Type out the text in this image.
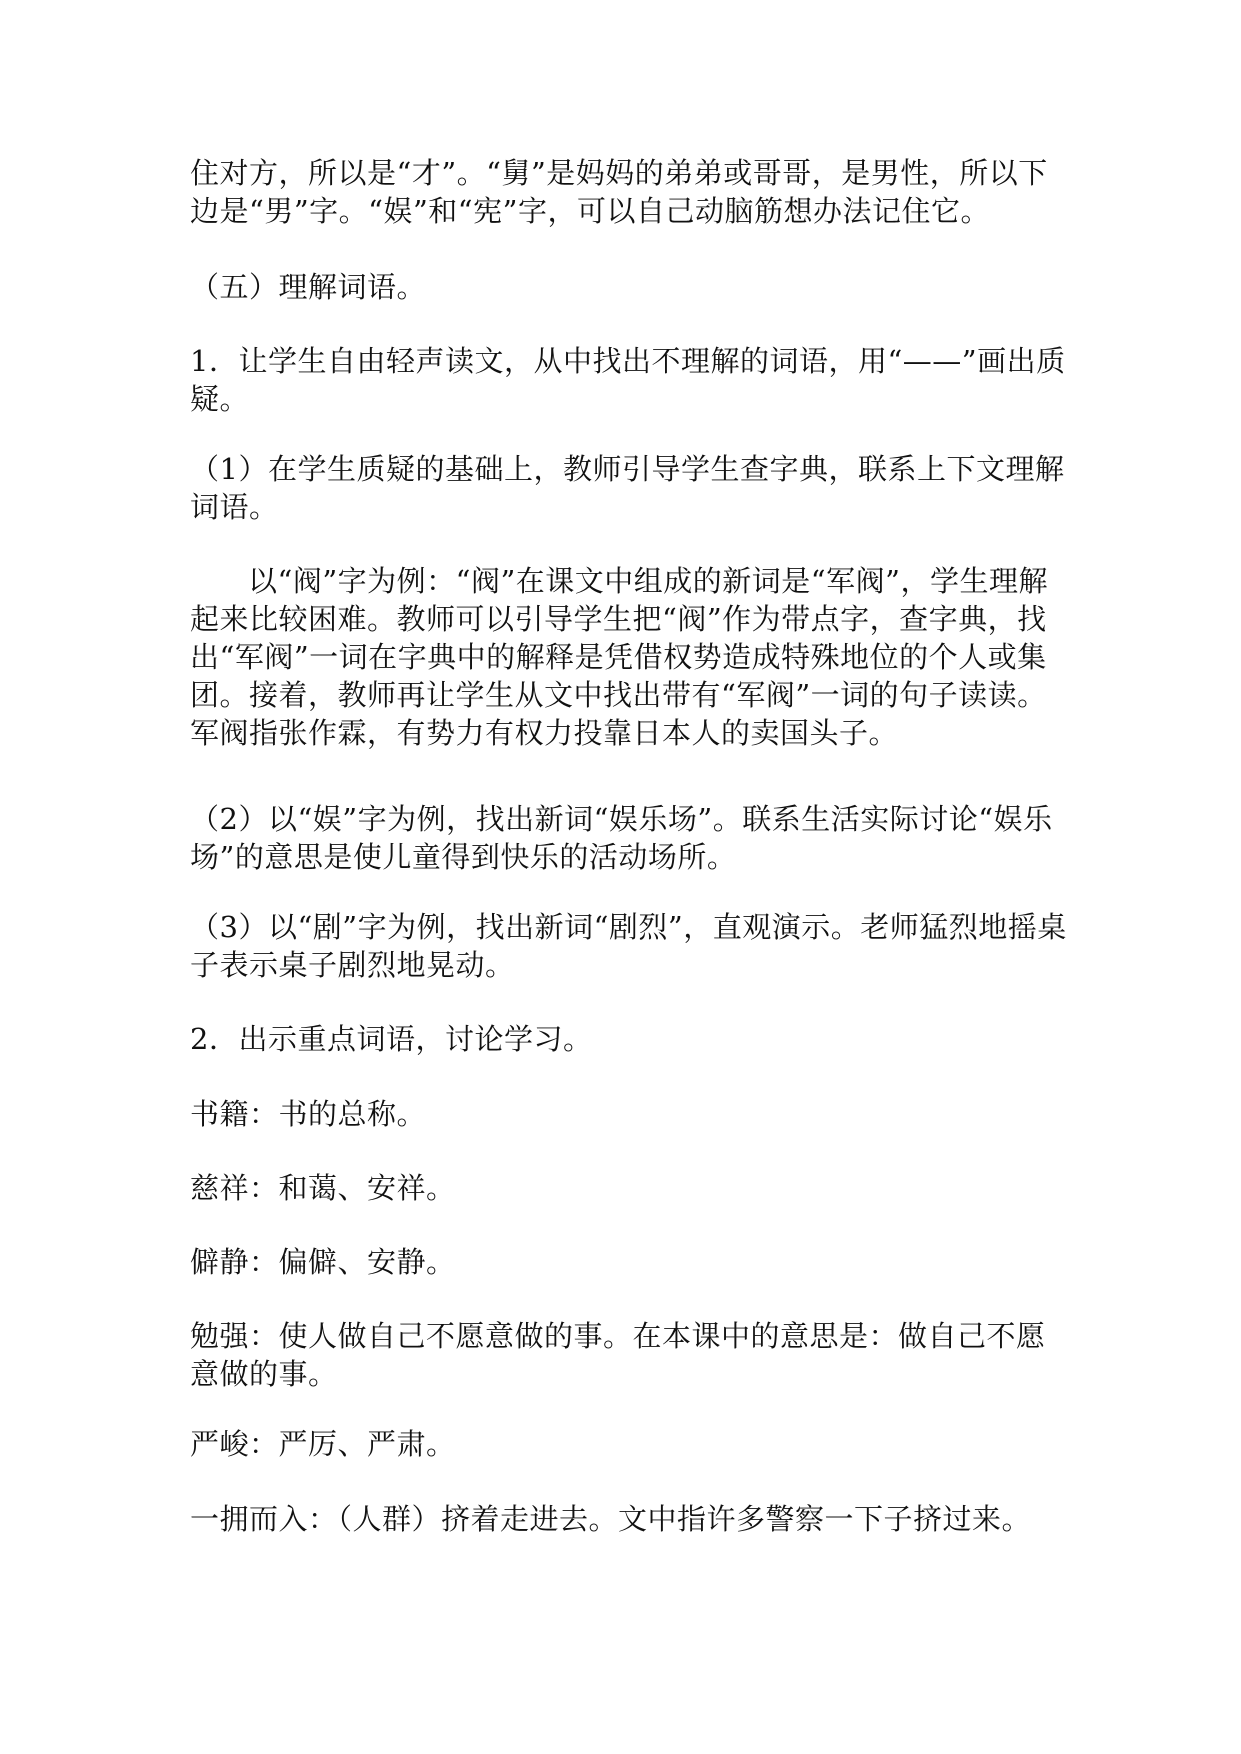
住对方，所以是“才”。“舅”是妈妈的弟弟或哥哥，是男性，所以下边是“男”字。“娱”和“宪”字，可以自己动脑筋想办法记住它。

（五）理解词语。

1．让学生自由轻声读文，从中找出不理解的词语，用“——”画出质疑。

（1）在学生质疑的基础上，教师引导学生查字典，联系上下文理解词语。

以“阀”字为例：“阀”在课文中组成的新词是“军阀”，学生理解起来比较困难。教师可以引导学生把“阀”作为带点字，查字典，找出“军阀”一词在字典中的解释是凭借权势造成特殊地位的个人或集团。接着，教师再让学生从文中找出带有“军阀”一词的句子读读。军阀指张作霖，有势力有权力投靠日本人的卖国头子。

（2）以“娱”字为例，找出新词“娱乐场”。联系生活实际讨论“娱乐场”的意思是使儿童得到快乐的活动场所。

（3）以“剧”字为例，找出新词“剧烈”，直观演示。老师猛烈地摇桌子表示桌子剧烈地晃动。

2．出示重点词语，讨论学习。

书籍：书的总称。

慈祥：和蔼、安祥。

僻静：偏僻、安静。

勉强：使人做自己不愿意做的事。在本课中的意思是：做自己不愿意做的事。

严峻：严厉、严肃。

一拥而入：（人群）挤着走进去。文中指许多警察一下子挤过来。
